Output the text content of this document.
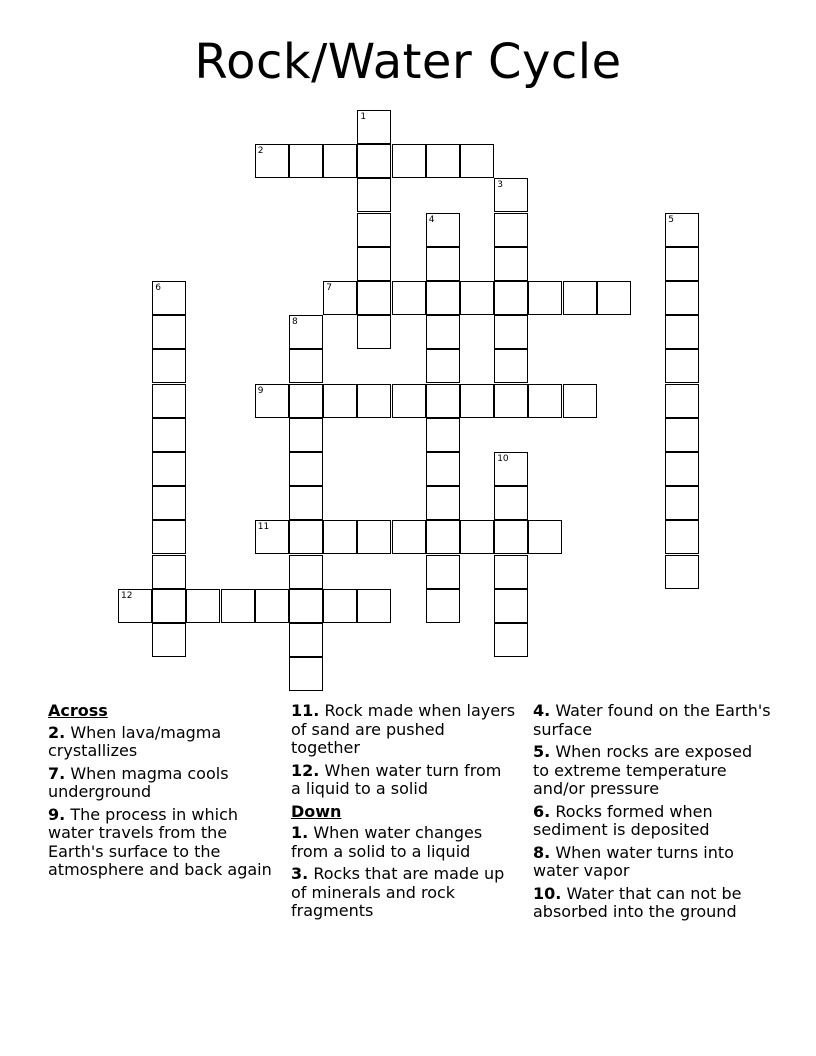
Rock/Water Cycle
1
2
3
4	5
6	7
8
9
10
11
12
Across
2. When lava/magma crystallizes
7. When magma cools underground
9. The process in which water travels from the Earth's surface to the atmosphere and back again
11. Rock made when layers of sand are pushed together
12. When water turn from a liquid to a solid
Down
1. When water changes from a solid to a liquid
3. Rocks that are made up of minerals and rock fragments
4. Water found on the Earth's surface
5. When rocks are exposed to extreme temperature and/or pressure
6. Rocks formed when sediment is deposited
8. When water turns into water vapor
10. Water that can not be absorbed into the ground
